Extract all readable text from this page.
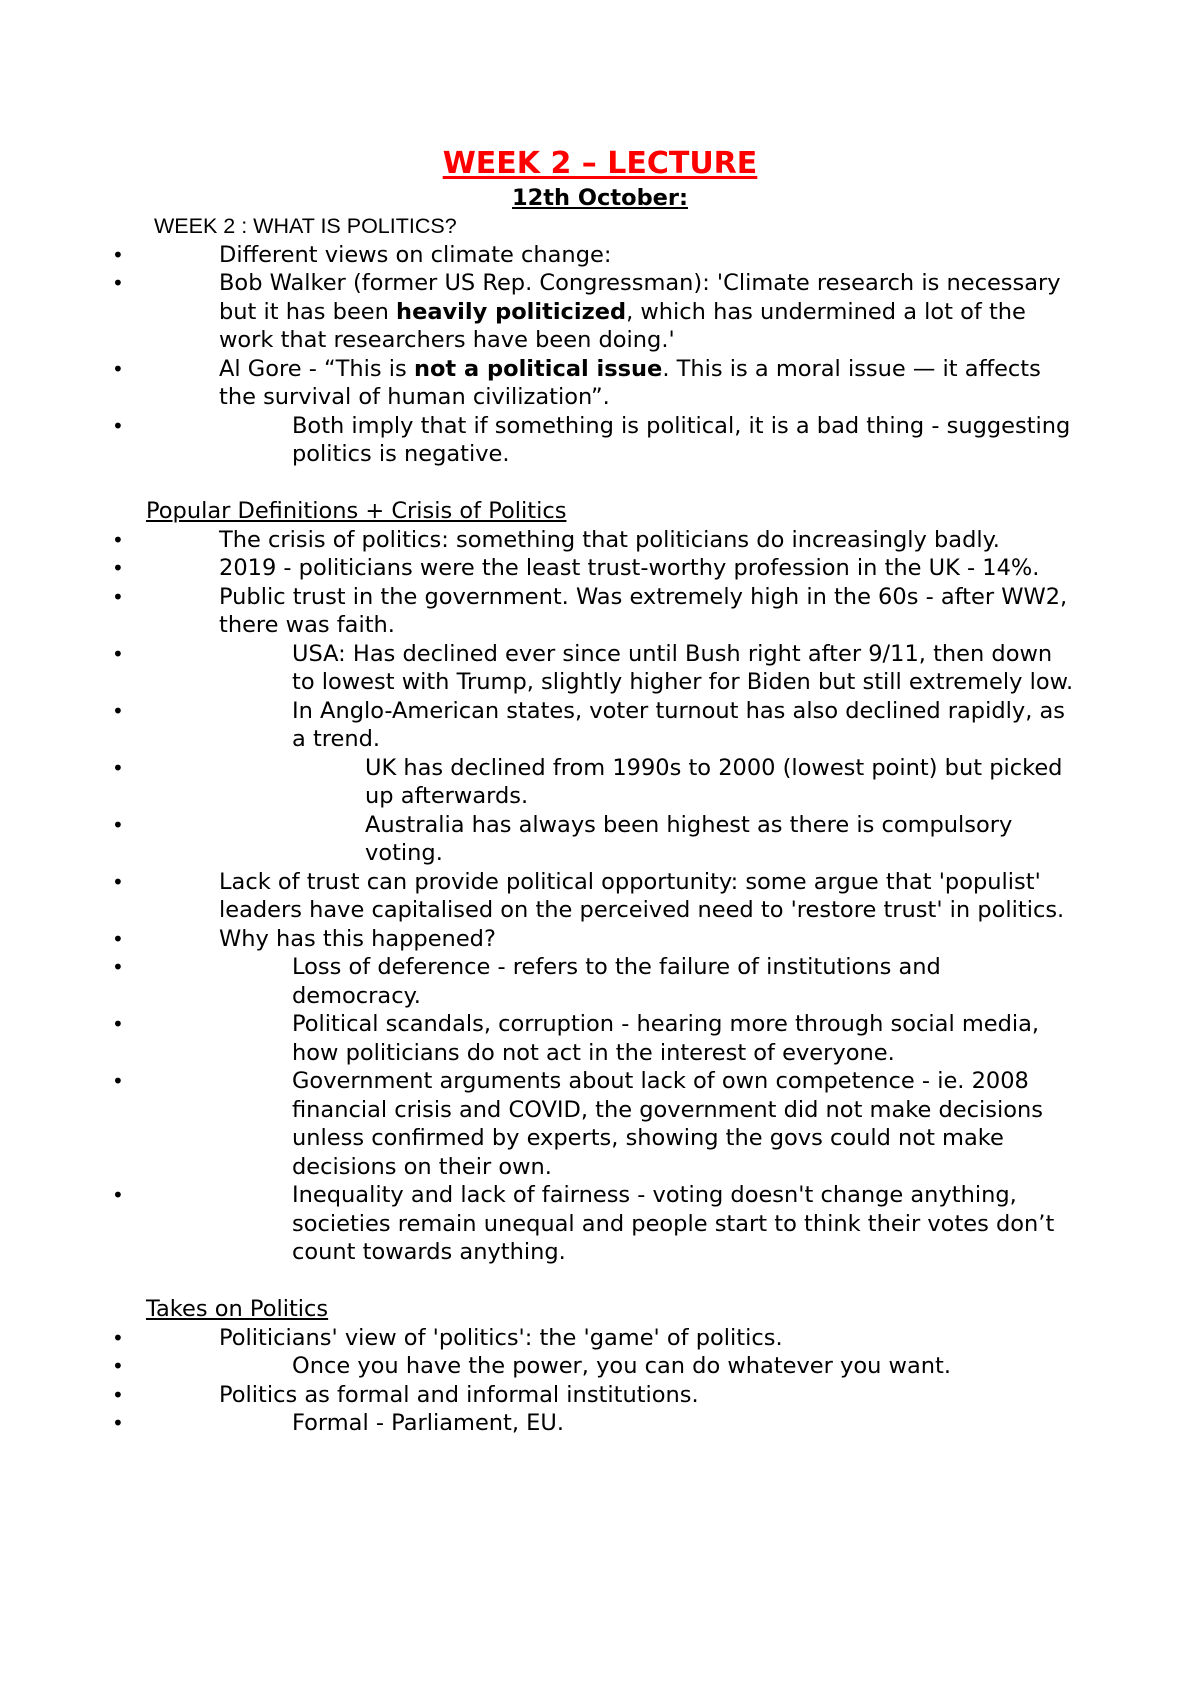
WEEK 2 – LECTURE
12th October:

WEEK 2 : WHAT IS POLITICS?

• Different views on climate change:
• Bob Walker (former US Rep. Congressman): 'Climate research is necessary but it has been heavily politicized, which has undermined a lot of the work that researchers have been doing.'
• Al Gore - “This is not a political issue. This is a moral issue — it affects the survival of human civilization”.
• Both imply that if something is political, it is a bad thing - suggesting politics is negative.

Popular Definitions + Crisis of Politics

• The crisis of politics: something that politicians do increasingly badly.
• 2019 - politicians were the least trust-worthy profession in the UK - 14%.
• Public trust in the government. Was extremely high in the 60s - after WW2, there was faith.
• USA: Has declined ever since until Bush right after 9/11, then down to lowest with Trump, slightly higher for Biden but still extremely low.
• In Anglo-American states, voter turnout has also declined rapidly, as a trend.
• UK has declined from 1990s to 2000 (lowest point) but picked up afterwards.
• Australia has always been highest as there is compulsory voting.
• Lack of trust can provide political opportunity: some argue that 'populist' leaders have capitalised on the perceived need to 'restore trust' in politics.
• Why has this happened?
• Loss of deference - refers to the failure of institutions and democracy.
• Political scandals, corruption - hearing more through social media, how politicians do not act in the interest of everyone.
• Government arguments about lack of own competence - ie. 2008 financial crisis and COVID, the government did not make decisions unless confirmed by experts, showing the govs could not make decisions on their own.
• Inequality and lack of fairness - voting doesn't change anything, societies remain unequal and people start to think their votes don’t count towards anything.

Takes on Politics

• Politicians' view of 'politics': the 'game' of politics.
• Once you have the power, you can do whatever you want.
• Politics as formal and informal institutions.
• Formal - Parliament, EU.
